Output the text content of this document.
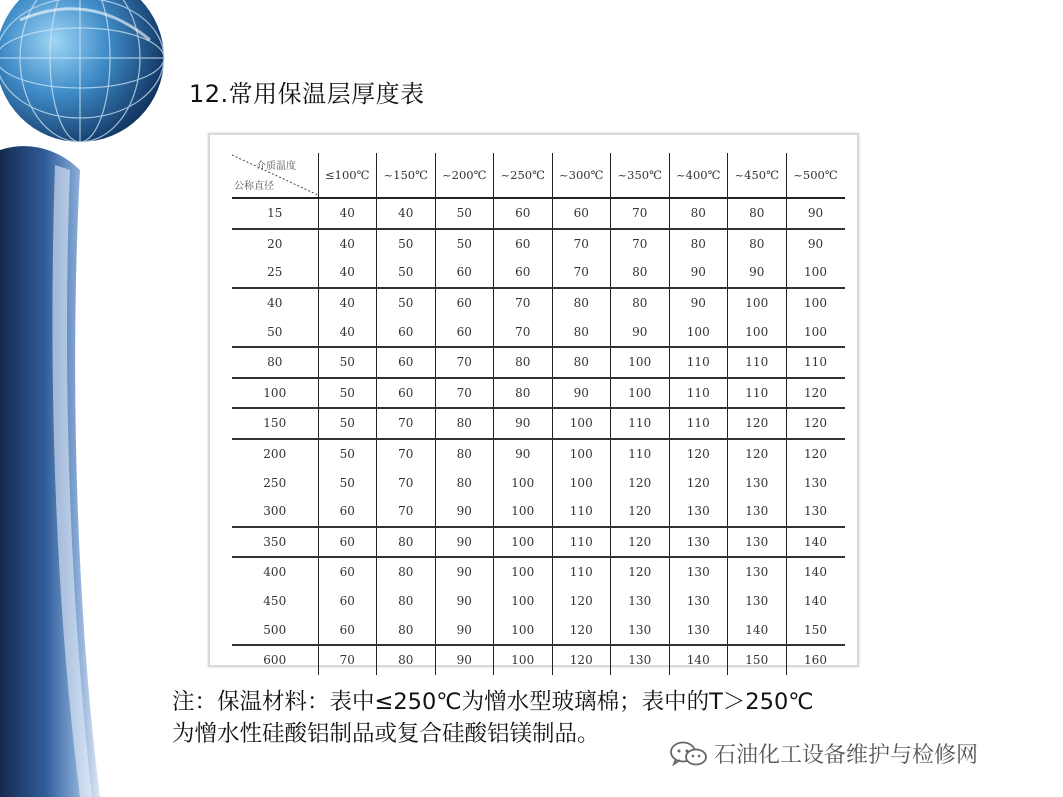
12.常用保温层厚度表
介质温度
公称直径	≤100℃	~150℃	~200℃	~250℃	~300℃	~350℃	~400℃	~450℃	~500℃
15	40	40	50	60	60	70	80	80	90
20	40	50	50	60	70	70	80	80	90
25	40	50	60	60	70	80	90	90	100
40	40	50	60	70	80	80	90	100	100
50	40	60	60	70	80	90	100	100	100
80	50	60	70	80	80	100	110	110	110
100	50	60	70	80	90	100	110	110	120
150	50	70	80	90	100	110	110	120	120
200	50	70	80	90	100	110	120	120	120
250	50	70	80	100	100	120	120	130	130
300	60	70	90	100	110	120	130	130	130
350	60	80	90	100	110	120	130	130	140
400	60	80	90	100	110	120	130	130	140
450	60	80	90	100	120	130	130	130	140
500	60	80	90	100	120	130	130	140	150
600	70	80	90	100	120	130	140	150	160
注：保温材料：表中≤250℃为憎水型玻璃棉；表中的T＞250℃
为憎水性硅酸铝制品或复合硅酸铝镁制品。
石油化工设备维护与检修网
